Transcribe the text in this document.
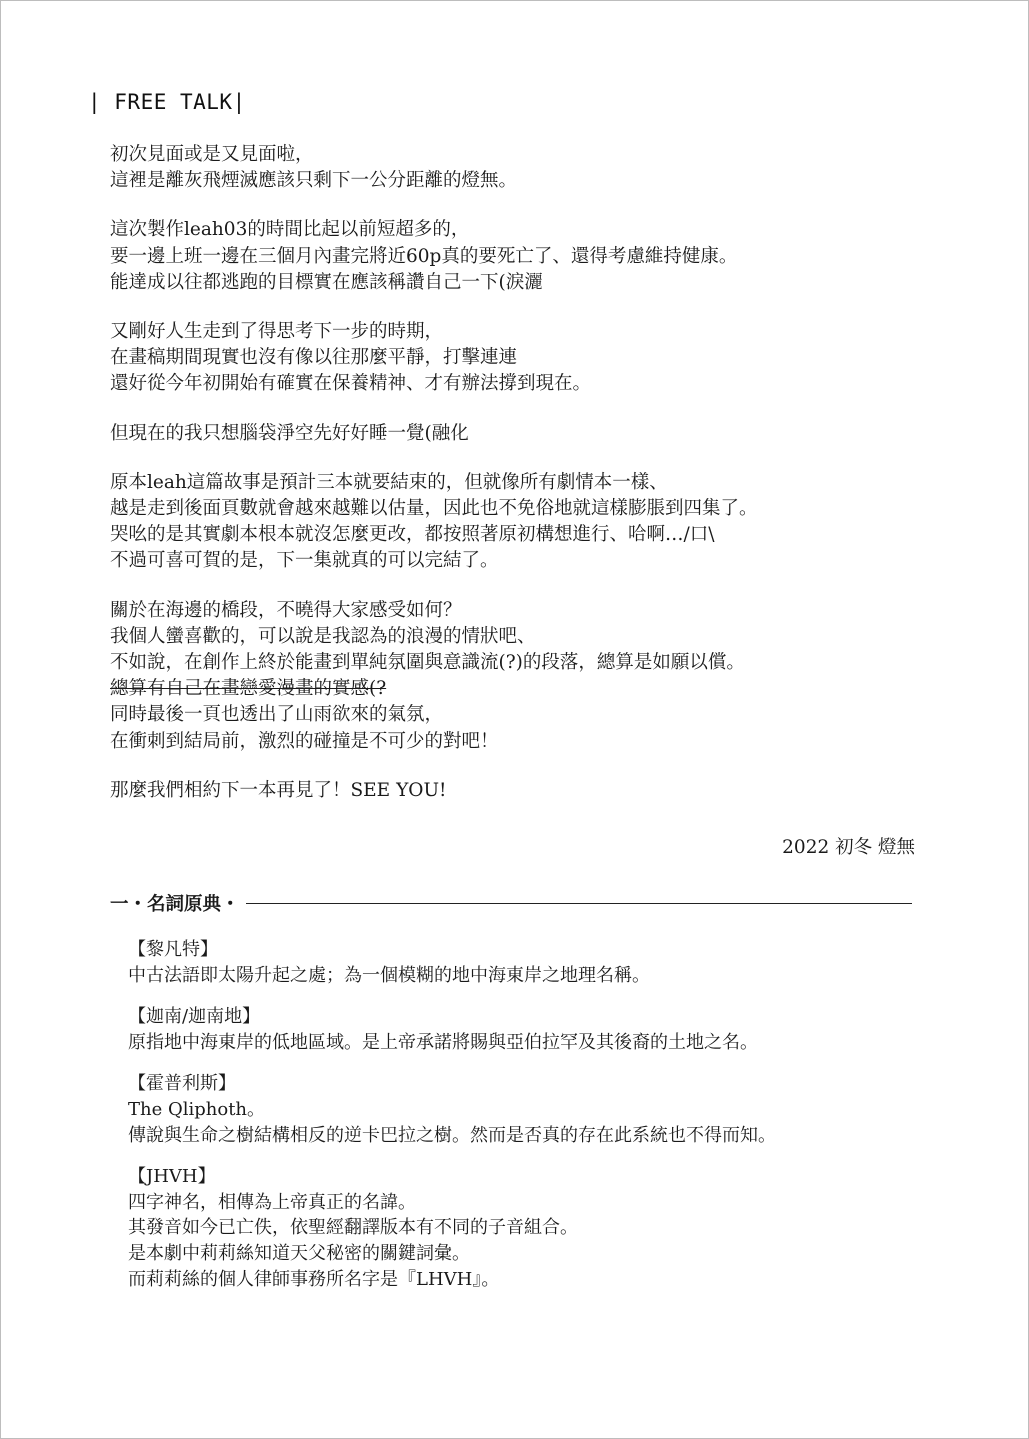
| FREE TALK|
初次見面或是又見面啦，
這裡是離灰飛煙滅應該只剩下一公分距離的燈無。
這次製作leah03的時間比起以前短超多的，
要一邊上班一邊在三個月內畫完將近60p真的要死亡了、還得考慮維持健康。
能達成以往都逃跑的目標實在應該稱讚自己一下(淚灑
又剛好人生走到了得思考下一步的時期，
在畫稿期間現實也沒有像以往那麼平靜，打擊連連
還好從今年初開始有確實在保養精神、才有辦法撐到現在。
但現在的我只想腦袋淨空先好好睡一覺(融化
原本leah這篇故事是預計三本就要結束的，但就像所有劇情本一樣、
越是走到後面頁數就會越來越難以估量，因此也不免俗地就這樣膨脹到四集了。
哭吆的是其實劇本根本就沒怎麼更改，都按照著原初構想進行、哈啊…/口\
不過可喜可賀的是，下一集就真的可以完結了。
關於在海邊的橋段，不曉得大家感受如何？
我個人蠻喜歡的，可以說是我認為的浪漫的情狀吧、
不如說，在創作上終於能畫到單純氛圍與意識流(?)的段落，總算是如願以償。
總算有自己在畫戀愛漫畫的實感(?
同時最後一頁也透出了山雨欲來的氣氛，
在衝刺到結局前，激烈的碰撞是不可少的對吧！
那麼我們相約下一本再見了！SEE YOU!
2022 初冬 燈無
一・名詞原典・
【黎凡特】
中古法語即太陽升起之處；為一個模糊的地中海東岸之地理名稱。
【迦南/迦南地】
原指地中海東岸的低地區域。是上帝承諾將賜與亞伯拉罕及其後裔的土地之名。
【霍普利斯】
The Qliphoth。
傳說與生命之樹結構相反的逆卡巴拉之樹。然而是否真的存在此系統也不得而知。
【JHVH】
四字神名，相傳為上帝真正的名諱。
其發音如今已亡佚，依聖經翻譯版本有不同的子音組合。
是本劇中莉莉絲知道天父秘密的關鍵詞彙。
而莉莉絲的個人律師事務所名字是『LHVH』。
